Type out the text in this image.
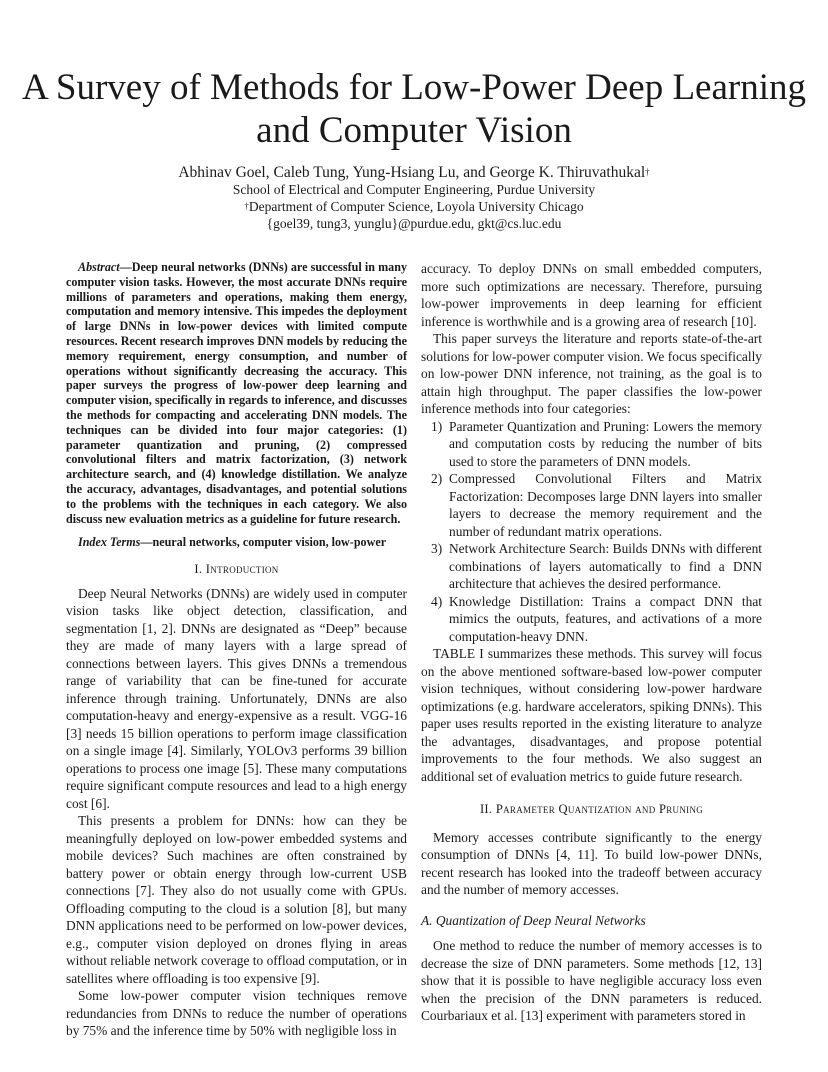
A Survey of Methods for Low-Power Deep Learning and Computer Vision
Abhinav Goel, Caleb Tung, Yung-Hsiang Lu, and George K. Thiruvathukal†
School of Electrical and Computer Engineering, Purdue University
†Department of Computer Science, Loyola University Chicago
{goel39, tung3, yunglu}@purdue.edu, gkt@cs.luc.edu

Abstract—Deep neural networks (DNNs) are successful in many computer vision tasks. However, the most accurate DNNs require millions of parameters and operations, making them energy, computation and memory intensive. This impedes the deployment of large DNNs in low-power devices with limited compute resources. Recent research improves DNN models by reducing the memory requirement, energy consumption, and number of operations without significantly decreasing the accuracy. This paper surveys the progress of low-power deep learning and computer vision, specifically in regards to inference, and discusses the methods for compacting and accelerating DNN models. The techniques can be divided into four major categories: (1) parameter quantization and pruning, (2) compressed convolutional filters and matrix factorization, (3) network architecture search, and (4) knowledge distillation. We analyze the accuracy, advantages, disadvantages, and potential solutions to the problems with the techniques in each category. We also discuss new evaluation metrics as a guideline for future research.

Index Terms—neural networks, computer vision, low-power

I. Introduction

Deep Neural Networks (DNNs) are widely used in computer vision tasks like object detection, classification, and segmentation [1, 2]. DNNs are designated as “Deep” because they are made of many layers with a large spread of connections between layers. This gives DNNs a tremendous range of variability that can be fine-tuned for accurate inference through training. Unfortunately, DNNs are also computation-heavy and energy-expensive as a result. VGG-16 [3] needs 15 billion operations to perform image classification on a single image [4]. Similarly, YOLOv3 performs 39 billion operations to process one image [5]. These many computations require significant compute resources and lead to a high energy cost [6].

This presents a problem for DNNs: how can they be meaningfully deployed on low-power embedded systems and mobile devices? Such machines are often constrained by battery power or obtain energy through low-current USB connections [7]. They also do not usually come with GPUs. Offloading computing to the cloud is a solution [8], but many DNN applications need to be performed on low-power devices, e.g., computer vision deployed on drones flying in areas without reliable network coverage to offload computation, or in satellites where offloading is too expensive [9].

Some low-power computer vision techniques remove redundancies from DNNs to reduce the number of operations by 75% and the inference time by 50% with negligible loss in

accuracy. To deploy DNNs on small embedded computers, more such optimizations are necessary. Therefore, pursuing low-power improvements in deep learning for efficient inference is worthwhile and is a growing area of research [10].

This paper surveys the literature and reports state-of-the-art solutions for low-power computer vision. We focus specifically on low-power DNN inference, not training, as the goal is to attain high throughput. The paper classifies the low-power inference methods into four categories:

1) Parameter Quantization and Pruning: Lowers the memory and computation costs by reducing the number of bits used to store the parameters of DNN models.
2) Compressed Convolutional Filters and Matrix Factorization: Decomposes large DNN layers into smaller layers to decrease the memory requirement and the number of redundant matrix operations.
3) Network Architecture Search: Builds DNNs with different combinations of layers automatically to find a DNN architecture that achieves the desired performance.
4) Knowledge Distillation: Trains a compact DNN that mimics the outputs, features, and activations of a more computation-heavy DNN.

TABLE I summarizes these methods. This survey will focus on the above mentioned software-based low-power computer vision techniques, without considering low-power hardware optimizations (e.g. hardware accelerators, spiking DNNs). This paper uses results reported in the existing literature to analyze the advantages, disadvantages, and propose potential improvements to the four methods. We also suggest an additional set of evaluation metrics to guide future research.

II. Parameter Quantization and Pruning

Memory accesses contribute significantly to the energy consumption of DNNs [4, 11]. To build low-power DNNs, recent research has looked into the tradeoff between accuracy and the number of memory accesses.

A. Quantization of Deep Neural Networks

One method to reduce the number of memory accesses is to decrease the size of DNN parameters. Some methods [12, 13] show that it is possible to have negligible accuracy loss even when the precision of the DNN parameters is reduced. Courbariaux et al. [13] experiment with parameters stored in
